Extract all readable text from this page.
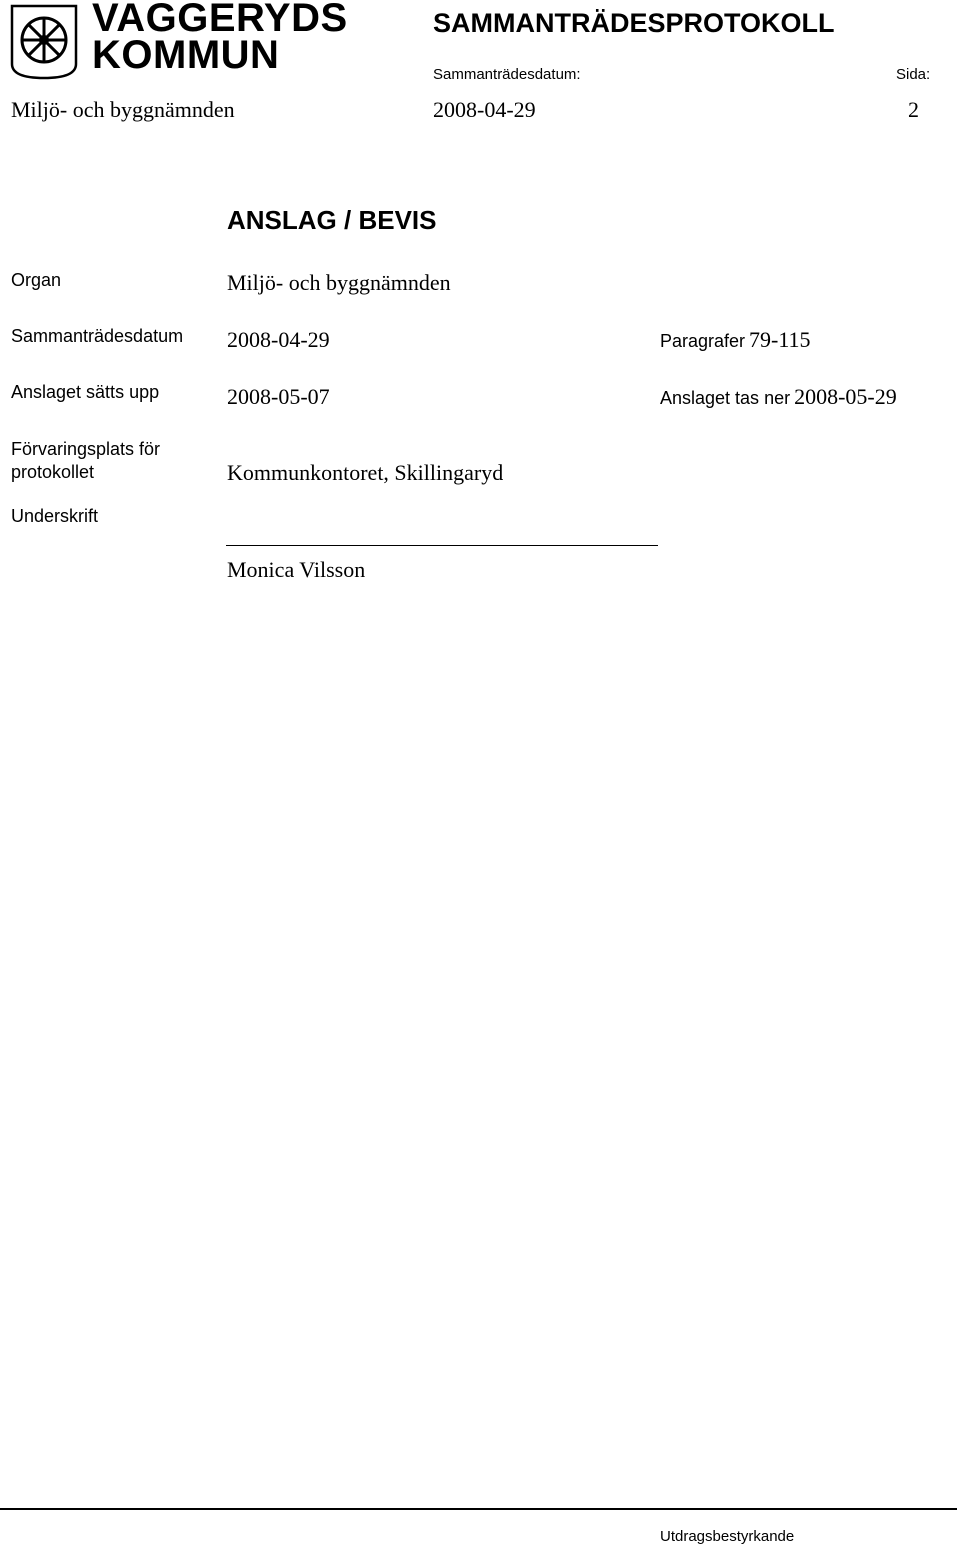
VAGGERYDS
KOMMUN
SAMMANTRÄDESPROTOKOLL
Sammanträdesdatum:	Sida:
Miljö- och byggnämnden	2008-04-29	2
ANSLAG / BEVIS
Organ	Miljö- och byggnämnden
Sammanträdesdatum 2008-04-29	Paragrafer 79-115
Anslaget sätts upp	2008-05-07	Anslaget tas ner 2008-05-29
Förvaringsplats för protokollet	Kommunkontoret, Skillingaryd
Underskrift
Monica Vilsson
Utdragsbestyrkande
